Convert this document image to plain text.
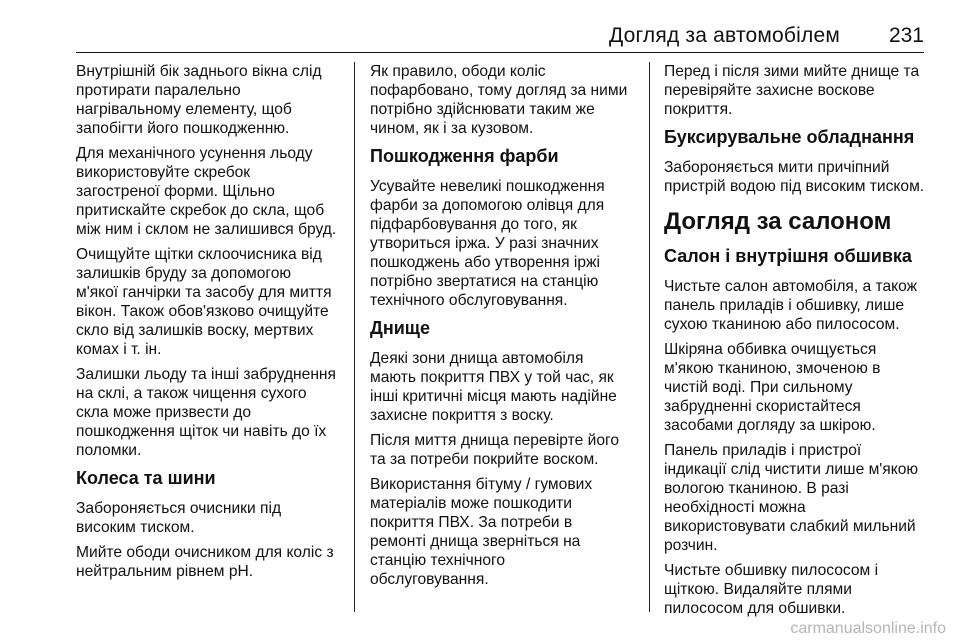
Догляд за автомобілем 231

Внутрішній бік заднього вікна слід
протирати паралельно
нагрівальному елементу, щоб
запобігти його пошкодженню.

Для механічного усунення льоду
використовуйте скребок
загостреної форми. Щільно
притискайте скребок до скла, щоб
між ним і склом не залишився бруд.

Очищуйте щітки склоочисника від
залишків бруду за допомогою
м'якої ганчірки та засобу для миття
вікон. Також обов'язково очищуйте
скло від залишків воску, мертвих
комах і т. ін.

Залишки льоду та інші забруднення
на склі, а також чищення сухого
скла може призвести до
пошкодження щіток чи навіть до їх
поломки.

Колеса та шини

Забороняється очисники під
високим тиском.

Мийте ободи очисником для коліс з
нейтральним рівнем pH.

Як правило, ободи коліс
пофарбовано, тому догляд за ними
потрібно здійснювати таким же
чином, як і за кузовом.

Пошкодження фарби

Усувайте невеликі пошкодження
фарби за допомогою олівця для
підфарбовування до того, як
утвориться іржа. У разі значних
пошкоджень або утворення іржі
потрібно звертатися на станцію
технічного обслуговування.

Днище

Деякі зони днища автомобіля
мають покриття ПВХ у той час, як
інші критичні місця мають надійне
захисне покриття з воску.

Після миття днища перевірте його
та за потреби покрийте воском.

Використання бітуму / гумових
матеріалів може пошкодити
покриття ПВХ. За потреби в
ремонті днища зверніться на
станцію технічного
обслуговування.

Перед і після зими мийте днище та
перевіряйте захисне воскове
покриття.

Буксирувальне обладнання

Забороняється мити причіпний
пристрій водою під високим тиском.

Догляд за салоном
Салон і внутрішня обшивка

Чистьте салон автомобіля, а також
панель приладів і обшивку, лише
сухою тканиною або пилососом.

Шкіряна оббивка очищується
м'якою тканиною, змоченою в
чистій воді. При сильному
забрудненні скористайтеся
засобами догляду за шкірою.

Панель приладів і пристрої
індикації слід чистити лише м'якою
вологою тканиною. В разі
необхідності можна
використовувати слабкий мильний
розчин.

Чистьте обшивку пилососом і
щіткою. Видаляйте плями
пилососом для обшивки.

carmanualsonline.info
